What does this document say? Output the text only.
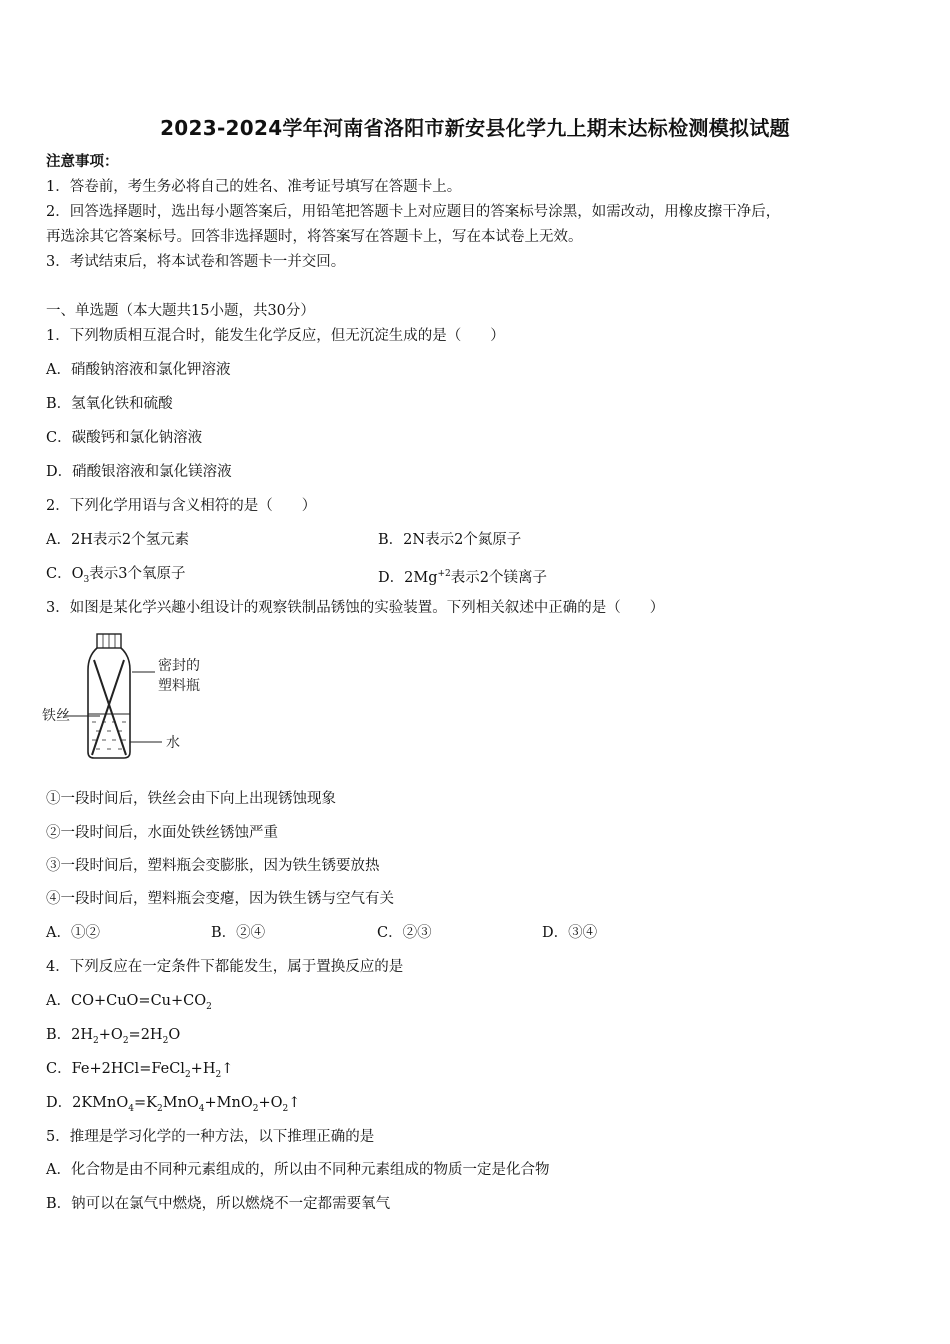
2023-2024学年河南省洛阳市新安县化学九上期末达标检测模拟试题
注意事项：
1．答卷前，考生务必将自己的姓名、准考证号填写在答题卡上。
2．回答选择题时，选出每小题答案后，用铅笔把答题卡上对应题目的答案标号涂黑，如需改动，用橡皮擦干净后，
再选涂其它答案标号。回答非选择题时，将答案写在答题卡上，写在本试卷上无效。
3．考试结束后，将本试卷和答题卡一并交回。
一、单选题（本大题共15小题，共30分）
1．下列物质相互混合时，能发生化学反应，但无沉淀生成的是（　　）
A．硝酸钠溶液和氯化钾溶液
B．氢氧化铁和硫酸
C．碳酸钙和氯化钠溶液
D．硝酸银溶液和氯化镁溶液
2．下列化学用语与含义相符的是（　　）
A．2H表示2个氢元素	B．2N表示2个氮原子
C．$O_3$表示3个氧原子	D．$2Mg^{+2}$表示2个镁离子
3．如图是某化学兴趣小组设计的观察铁制品锈蚀的实验装置。下列相关叙述中正确的是（　　）
密封的
塑料瓶
铁丝
水
①一段时间后，铁丝会由下向上出现锈蚀现象
②一段时间后，水面处铁丝锈蚀严重
③一段时间后，塑料瓶会变膨胀，因为铁生锈要放热
④一段时间后，塑料瓶会变瘪，因为铁生锈与空气有关
A．①②	B．②④	C．②③	D．③④
4．下列反应在一定条件下都能发生，属于置换反应的是
A．$CO+CuO=Cu+CO_2$
B．$2H_2+O_2=2H_2O$
C．$Fe+2HCl=FeCl_2+H_2↑$
D．$2KMnO_4=K_2MnO_4+MnO_2+O_2↑$
5．推理是学习化学的一种方法，以下推理正确的是
A．化合物是由不同种元素组成的，所以由不同种元素组成的物质一定是化合物
B．钠可以在氯气中燃烧，所以燃烧不一定都需要氧气
